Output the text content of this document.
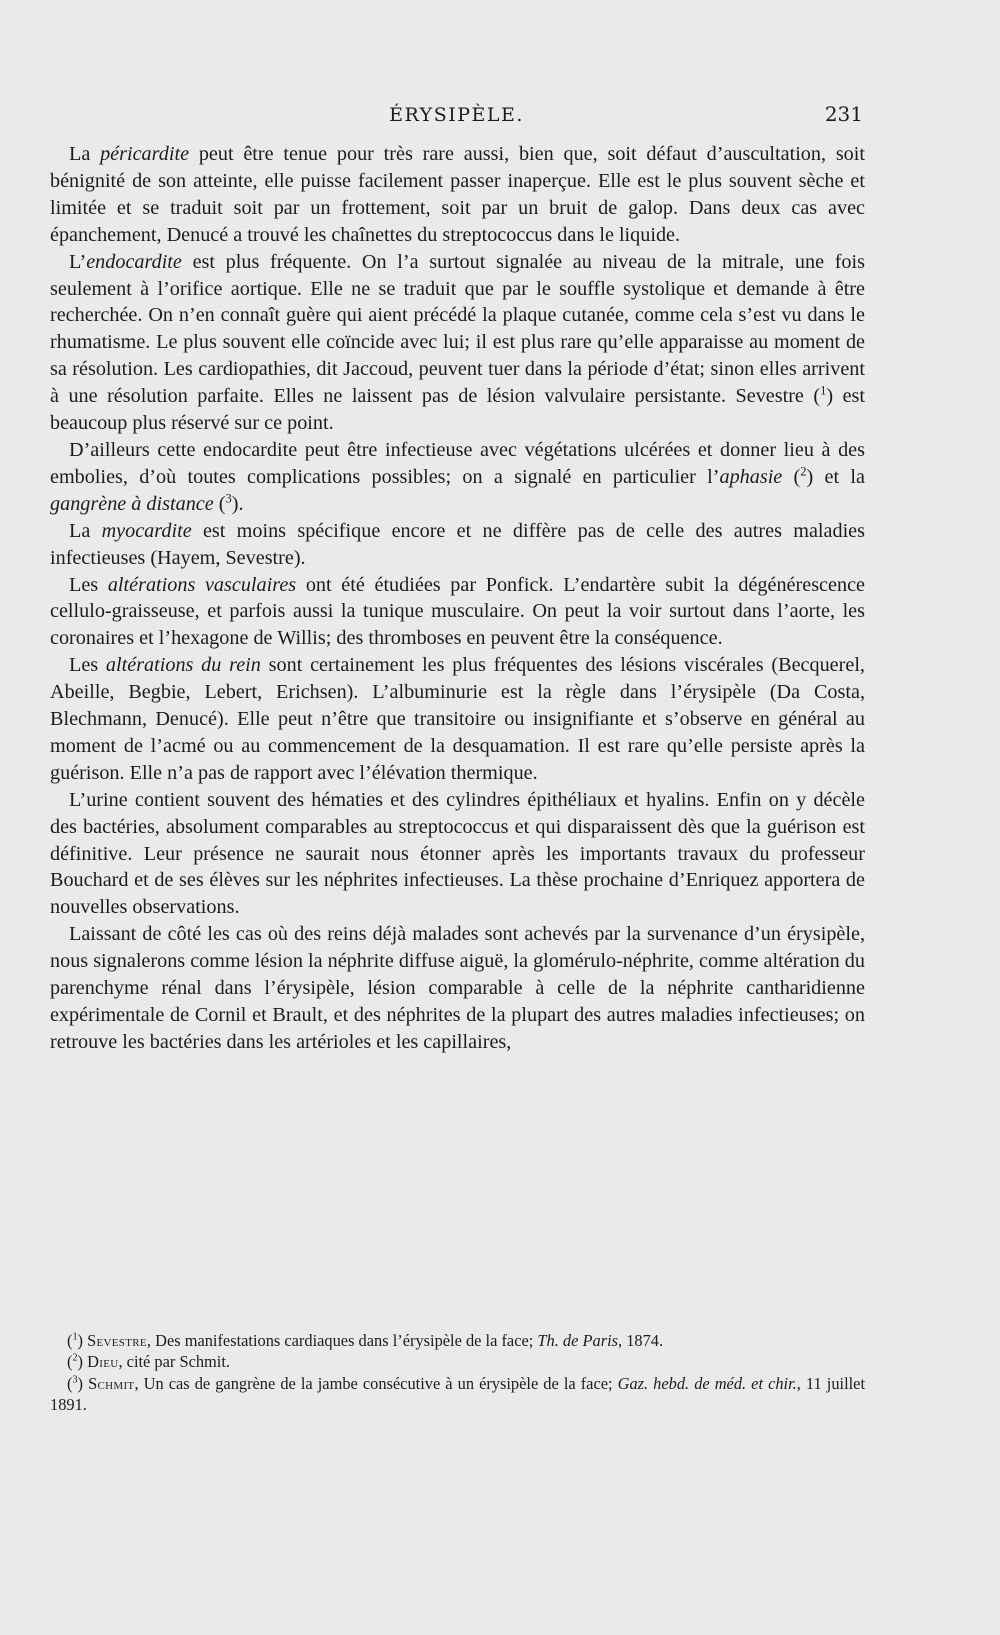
ÉRYSIPÈLE.	231

La péricardite peut être tenue pour très rare aussi, bien que, soit défaut d’auscultation, soit bénignité de son atteinte, elle puisse facilement passer inaperçue. Elle est le plus souvent sèche et limitée et se traduit soit par un frottement, soit par un bruit de galop. Dans deux cas avec épanchement, Denucé a trouvé les chaînettes du streptococcus dans le liquide.

L’endocardite est plus fréquente. On l’a surtout signalée au niveau de la mitrale, une fois seulement à l’orifice aortique. Elle ne se traduit que par le souffle systolique et demande à être recherchée. On n’en connaît guère qui aient précédé la plaque cutanée, comme cela s’est vu dans le rhumatisme. Le plus souvent elle coïncide avec lui; il est plus rare qu’elle apparaisse au moment de sa résolution. Les cardiopathies, dit Jaccoud, peuvent tuer dans la période d’état; sinon elles arrivent à une résolution parfaite. Elles ne laissent pas de lésion valvulaire persistante. Sevestre ($^1$) est beaucoup plus réservé sur ce point.

D’ailleurs cette endocardite peut être infectieuse avec végétations ulcérées et donner lieu à des embolies, d’où toutes complications possibles; on a signalé en particulier l’aphasie ($^2$) et la gangrène à distance ($^3$).

La myocardite est moins spécifique encore et ne diffère pas de celle des autres maladies infectieuses (Hayem, Sevestre).

Les altérations vasculaires ont été étudiées par Ponfick. L’endartère subit la dégénérescence cellulo-graisseuse, et parfois aussi la tunique musculaire. On peut la voir surtout dans l’aorte, les coronaires et l’hexagone de Willis; des thromboses en peuvent être la conséquence.

Les altérations du rein sont certainement les plus fréquentes des lésions viscérales (Becquerel, Abeille, Begbie, Lebert, Erichsen). L’albuminurie est la règle dans l’érysipèle (Da Costa, Blechmann, Denucé). Elle peut n’être que transitoire ou insignifiante et s’observe en général au moment de l’acmé ou au commencement de la desquamation. Il est rare qu’elle persiste après la guérison. Elle n’a pas de rapport avec l’élévation thermique.

L’urine contient souvent des hématies et des cylindres épithéliaux et hyalins. Enfin on y décèle des bactéries, absolument comparables au streptococcus et qui disparaissent dès que la guérison est définitive. Leur présence ne saurait nous étonner après les importants travaux du professeur Bouchard et de ses élèves sur les néphrites infectieuses. La thèse prochaine d’Enriquez apportera de nouvelles observations.

Laissant de côté les cas où des reins déjà malades sont achevés par la survenance d’un érysipèle, nous signalerons comme lésion la néphrite diffuse aiguë, la glomérulo-néphrite, comme altération du parenchyme rénal dans l’érysipèle, lésion comparable à celle de la néphrite cantharidienne expérimentale de Cornil et Brault, et des néphrites de la plupart des autres maladies infectieuses; on retrouve les bactéries dans les artérioles et les capillaires,

($^1$) Sevestre, Des manifestations cardiaques dans l’érysipèle de la face; Th. de Paris, 1874.

($^2$) Dieu, cité par Schmit.

($^3$) Schmit, Un cas de gangrène de la jambe consécutive à un érysipèle de la face; Gaz. hebd. de méd. et chir., 11 juillet 1891.
